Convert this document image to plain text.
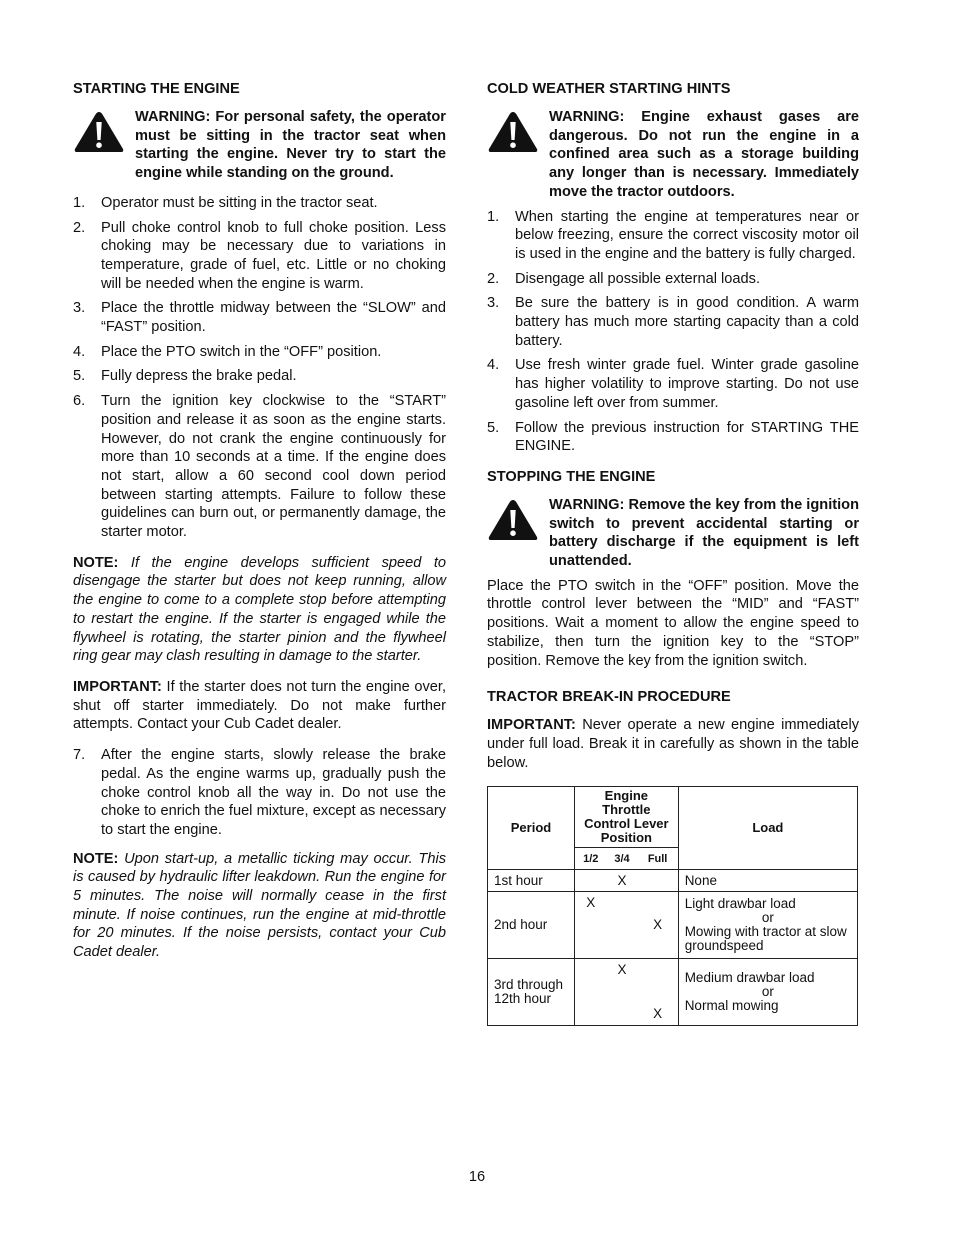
STARTING THE ENGINE

WARNING: For personal safety, the operator must be sitting in the tractor seat when starting the engine. Never try to start the engine while standing on the ground.

1.	Operator must be sitting in the tractor seat.
2.	Pull choke control knob to full choke position. Less choking may be necessary due to variations in temperature, grade of fuel, etc. Little or no choking will be needed when the engine is warm.
3.	Place the throttle midway between the “SLOW” and “FAST” position.
4.	Place the PTO switch in the “OFF” position.
5.	Fully depress the brake pedal.
6.	Turn the ignition key clockwise to the “START” position and release it as soon as the engine starts. However, do not crank the engine continuously for more than 10 seconds at a time. If the engine does not start, allow a 60 second cool down period between starting attempts. Failure to follow these guidelines can burn out, or permanently damage, the starter motor.

NOTE: If the engine develops sufficient speed to disengage the starter but does not keep running, allow the engine to come to a complete stop before attempting to restart the engine. If the starter is engaged while the flywheel is rotating, the starter pinion and the flywheel ring gear may clash resulting in damage to the starter.

IMPORTANT: If the starter does not turn the engine over, shut off starter immediately. Do not make further attempts. Contact your Cub Cadet dealer.

7.	After the engine starts, slowly release the brake pedal. As the engine warms up, gradually push the choke control knob all the way in. Do not use the choke to enrich the fuel mixture, except as necessary to start the engine.

NOTE: Upon start-up, a metallic ticking may occur. This is caused by hydraulic lifter leakdown. Run the engine for 5 minutes. The noise will normally cease in the first minute. If noise continues, run the engine at mid-throttle for 20 minutes. If the noise persists, contact your Cub Cadet dealer.

COLD WEATHER STARTING HINTS

WARNING: Engine exhaust gases are dangerous. Do not run the engine in a confined area such as a storage building any longer than is necessary. Immediately move the tractor outdoors.

1.	When starting the engine at temperatures near or below freezing, ensure the correct viscosity motor oil is used in the engine and the battery is fully charged.
2.	Disengage all possible external loads.
3.	Be sure the battery is in good condition. A warm battery has much more starting capacity than a cold battery.
4.	Use fresh winter grade fuel. Winter grade gasoline has higher volatility to improve starting. Do not use gasoline left over from summer.
5.	Follow the previous instruction for STARTING THE ENGINE.
STOPPING THE ENGINE

WARNING: Remove the key from the ignition switch to prevent accidental starting or battery discharge if the equipment is left unattended.

Place the PTO switch in the “OFF” position. Move the throttle control lever between the “MID” and “FAST” positions. Wait a moment to allow the engine speed to stabilize, then turn the ignition key to the “STOP” position. Remove the key from the ignition switch.

TRACTOR BREAK-IN PROCEDURE

IMPORTANT: Never operate a new engine immediately under full load. Break it in carefully as shown in the table below.

Period	Engine Throttle Control Lever Position			Load
	1/2	3/4	Full	
1st hour		X		None
2nd hour	X		X	Light drawbar load
or
Mowing with tractor at slow groundspeed

3rd through 12th hour		X	X	Medium drawbar load
or
Normal mowing
16
